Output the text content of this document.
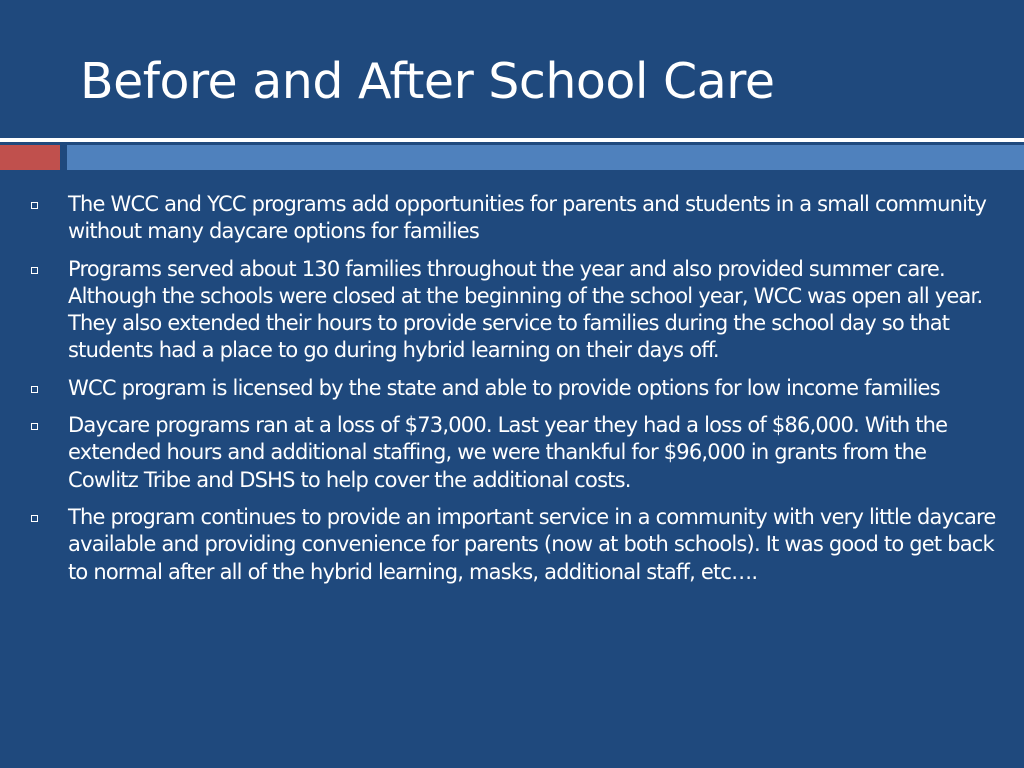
Before and After School Care
The WCC and YCC programs add opportunities for parents and students in a small community without many daycare options for families
Programs served about 130 families throughout the year and also provided summer care. Although the schools were closed at the beginning of the school year, WCC was open all year. They also extended their hours to provide service to families during the school day so that students had a place to go during hybrid learning on their days off.
WCC program is licensed by the state and able to provide options for low income families
Daycare programs ran at a loss of $73,000. Last year they had a loss of $86,000. With the extended hours and additional staffing, we were thankful for $96,000 in grants from the Cowlitz Tribe and DSHS to help cover the additional costs.
The program continues to provide an important service in a community with very little daycare available and providing convenience for parents (now at both schools). It was good to get back to normal after all of the hybrid learning, masks, additional staff, etc….
